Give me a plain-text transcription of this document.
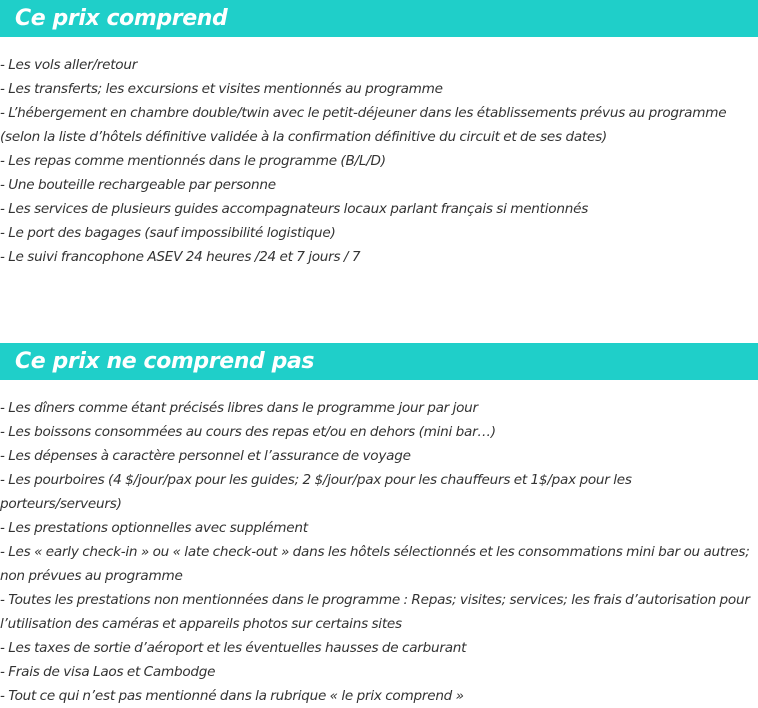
Ce prix comprend
- Les vols aller/retour
- Les transferts; les excursions et visites mentionnés au programme
- L’hébergement en chambre double/twin avec le petit-déjeuner dans les établissements prévus au programme (selon la liste d’hôtels définitive validée à la confirmation définitive du circuit et de ses dates)
- Les repas comme mentionnés dans le programme (B/L/D)
- Une bouteille rechargeable par personne
- Les services de plusieurs guides accompagnateurs locaux parlant français si mentionnés
- Le port des bagages (sauf impossibilité logistique)
- Le suivi francophone ASEV 24 heures /24 et 7 jours / 7
Ce prix ne comprend pas
- Les dîners comme étant précisés libres dans le programme jour par jour
- Les boissons consommées au cours des repas et/ou en dehors (mini bar…)
- Les dépenses à caractère personnel et l’assurance de voyage
- Les pourboires (4 $/jour/pax pour les guides; 2 $/jour/pax pour les chauffeurs et 1$/pax pour les porteurs/serveurs)
- Les prestations optionnelles avec supplément
- Les « early check-in » ou « late check-out » dans les hôtels sélectionnés et les consommations mini bar ou autres; non prévues au programme
- Toutes les prestations non mentionnées dans le programme : Repas; visites; services; les frais d’autorisation pour l’utilisation des caméras et appareils photos sur certains sites
- Les taxes de sortie d’aéroport et les éventuelles hausses de carburant
- Frais de visa Laos et Cambodge
- Tout ce qui n’est pas mentionné dans la rubrique « le prix comprend »
